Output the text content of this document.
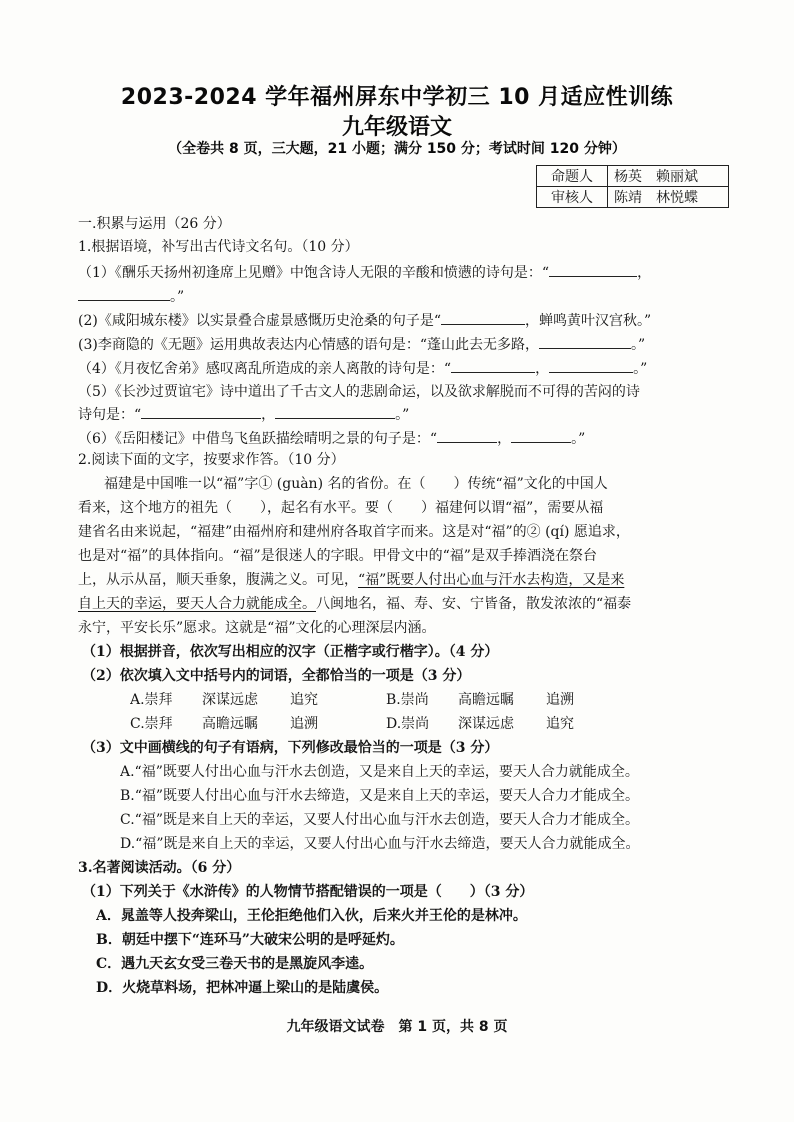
2023-2024 学年福州屏东中学初三 10 月适应性训练
九年级语文
（全卷共 8 页，三大题，21 小题；满分 150 分；考试时间 120 分钟）
命题人	杨英　赖丽斌
审核人	陈靖　林悦蝶
一.积累与运用（26 分）
1.根据语境，补写出古代诗文名句。（10 分）
（1）《酬乐天扬州初逢席上见赠》中饱含诗人无限的辛酸和愤懑的诗句是：“	，
。”
(2)《咸阳城东楼》以实景叠合虚景感慨历史沧桑的句子是“	，蝉鸣黄叶汉宫秋。”
(3)李商隐的《无题》运用典故表达内心情感的语句是：“蓬山此去无多路，	。”
（4）《月夜忆舍弟》感叹离乱所造成的亲人离散的诗句是：“	，	。”
（5）《长沙过贾谊宅》诗中道出了千古文人的悲剧命运，以及欲求解脱而不可得的苦闷的诗
诗句是：“	，	。”
（6）《岳阳楼记》中借鸟飞鱼跃描绘晴明之景的句子是：“	，	。”
2.阅读下面的文字，按要求作答。（10 分）
福建是中国唯一以“福”字① (guàn) 名的省份。在（　　）传统“福”文化的中国人
看来，这个地方的祖先（　　），起名有水平。要（　　）福建何以谓“福”，需要从福
建省名由来说起，“福建”由福州府和建州府各取首字而来。这是对“福”的② (qí) 愿追求，
也是对“福”的具体指向。“福”是很迷人的字眼。甲骨文中的“福”是双手捧酒浇在祭台
上，从示从畐，顺天垂象，腹满之义。可见，“福”既要人付出心血与汗水去构造，又是来
自上天的幸运，要天人合力就能成全。八闽地名，福、寿、安、宁皆备，散发浓浓的“福泰
永宁，平安长乐”愿求。这就是“福”文化的心理深层内涵。
（1）根据拼音，依次写出相应的汉字（正楷字或行楷字）。（4 分）
（2）依次填入文中括号内的词语，全都恰当的一项是（3 分）
A.崇拜 深谋远虑 追究	B.崇尚 高瞻远瞩 追溯
C.崇拜 高瞻远瞩 追溯	D.崇尚 深谋远虑 追究
（3）文中画横线的句子有语病，下列修改最恰当的一项是（3 分）
A.“福”既要人付出心血与汗水去创造，又是来自上天的幸运，要天人合力就能成全。
B.“福”既要人付出心血与汗水去缔造，又是来自上天的幸运，要天人合力才能成全。
C.“福”既是来自上天的幸运，又要人付出心血与汗水去创造，要天人合力才能成全。
D.“福”既是来自上天的幸运，又要人付出心血与汗水去缔造，要天人合力就能成全。
3.名著阅读活动。（6 分）
（1）下列关于《水浒传》的人物情节搭配错误的一项是（　　）（3 分）
A．晁盖等人投奔梁山，王伦拒绝他们入伙，后来火并王伦的是林冲。
B．朝廷中摆下“连环马”大破宋公明的是呼延灼。
C．遇九天玄女受三卷天书的是黑旋风李逵。
D．火烧草料场，把林冲逼上梁山的是陆虞侯。
九年级语文试卷　第 1 页，共 8 页
